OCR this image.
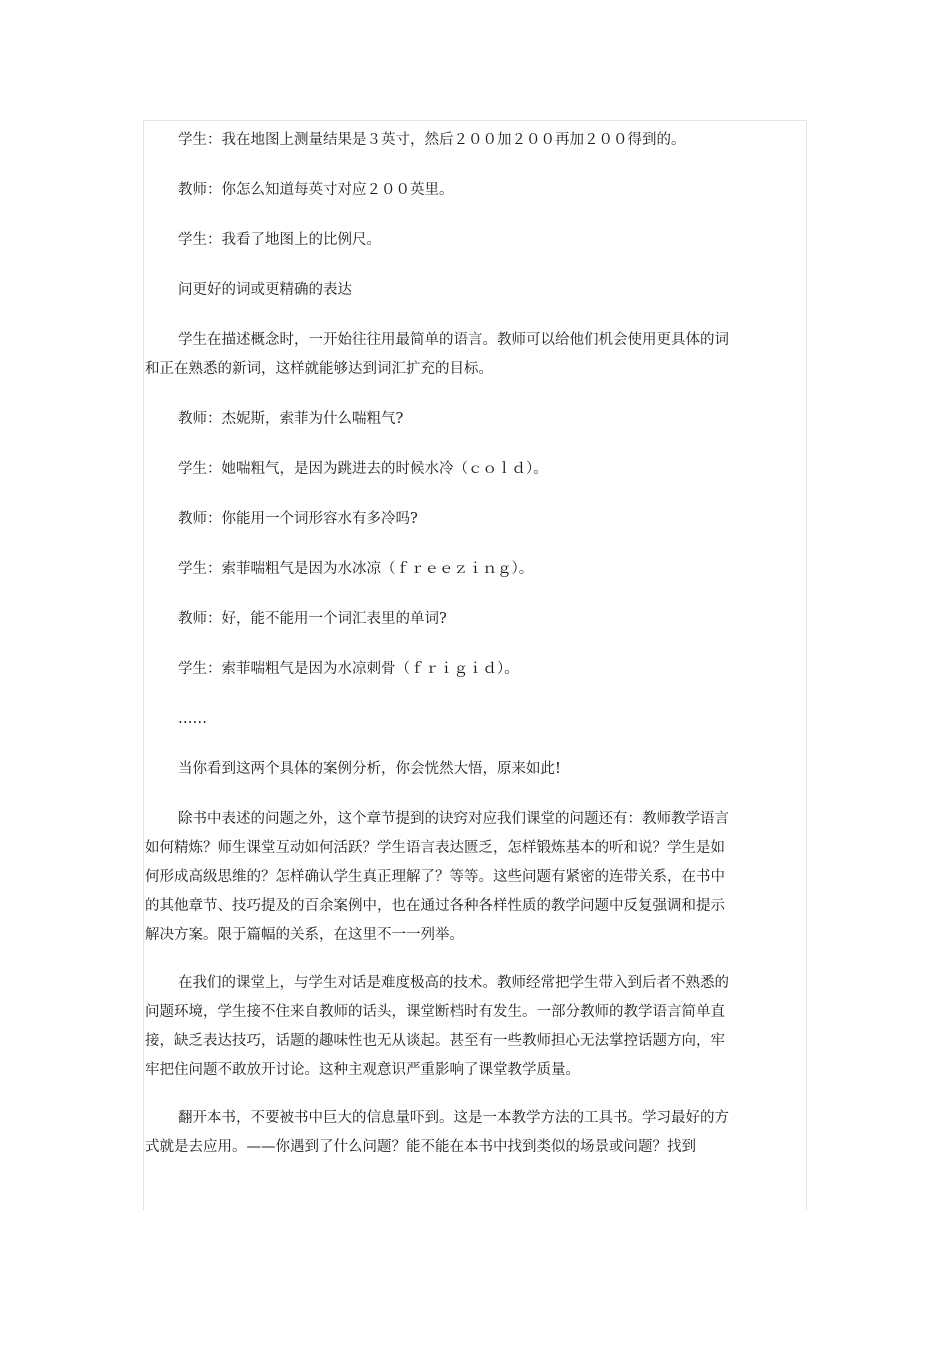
学生：我在地图上测量结果是３英寸，然后２００加２００再加２００得到的。

教师：你怎么知道每英寸对应２００英里。

学生：我看了地图上的比例尺。

问更好的词或更精确的表达

学生在描述概念时，一开始往往用最简单的语言。教师可以给他们机会使用更具体的词和正在熟悉的新词，这样就能够达到词汇扩充的目标。

教师：杰妮斯，索菲为什么喘粗气?

学生：她喘粗气，是因为跳进去的时候水冷（ｃｏｌｄ）。

教师：你能用一个词形容水有多冷吗?

学生：索菲喘粗气是因为水冰凉（ｆｒｅｅｚｉｎｇ）。

教师：好，能不能用一个词汇表里的单词?

学生：索菲喘粗气是因为水凉刺骨（ｆｒｉｇｉｄ）。

……

当你看到这两个具体的案例分析，你会恍然大悟，原来如此!

除书中表述的问题之外，这个章节提到的诀窍对应我们课堂的问题还有：教师教学语言如何精炼？师生课堂互动如何活跃？学生语言表达匮乏，怎样锻炼基本的听和说？学生是如何形成高级思维的？怎样确认学生真正理解了？等等。这些问题有紧密的连带关系，在书中的其他章节、技巧提及的百余案例中，也在通过各种各样性质的教学问题中反复强调和提示解决方案。限于篇幅的关系，在这里不一一列举。

在我们的课堂上，与学生对话是难度极高的技术。教师经常把学生带入到后者不熟悉的问题环境，学生接不住来自教师的话头，课堂断档时有发生。一部分教师的教学语言简单直接，缺乏表达技巧，话题的趣味性也无从谈起。甚至有一些教师担心无法掌控话题方向，牢牢把住问题不敢放开讨论。这种主观意识严重影响了课堂教学质量。

翻开本书，不要被书中巨大的信息量吓到。这是一本教学方法的工具书。学习最好的方式就是去应用。——你遇到了什么问题？能不能在本书中找到类似的场景或问题？找到
